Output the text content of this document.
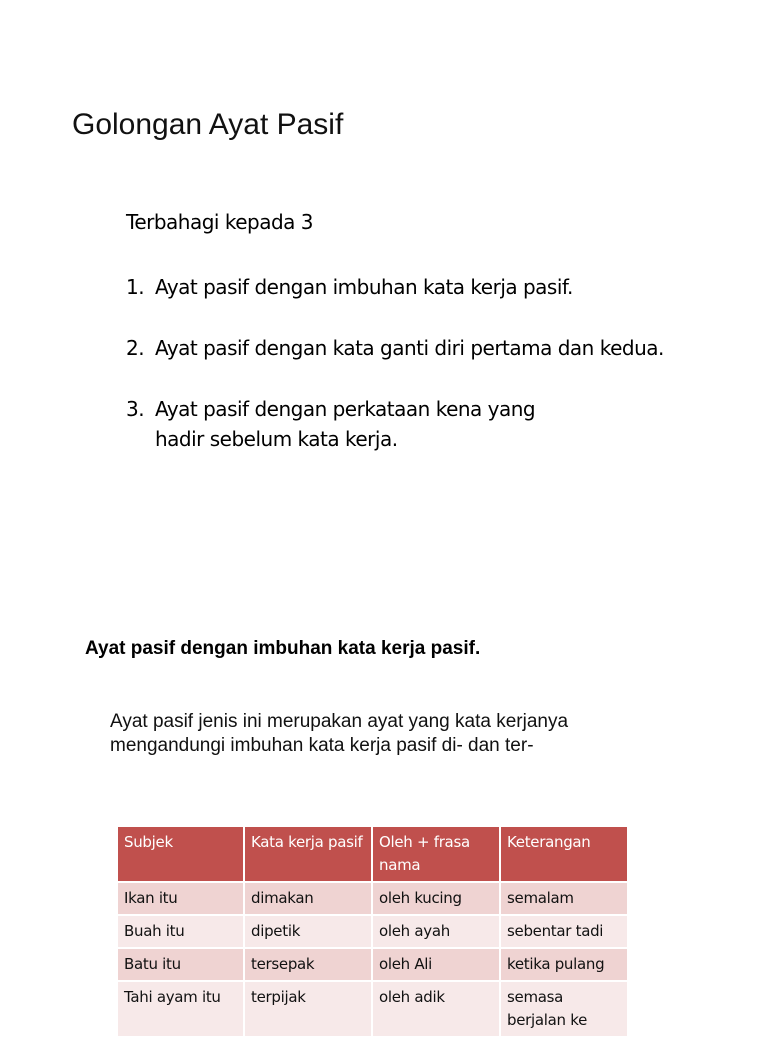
Golongan Ayat Pasif
Terbahagi kepada 3
1. Ayat pasif dengan imbuhan kata kerja pasif.
2. Ayat pasif dengan kata ganti diri pertama dan kedua.
3. Ayat pasif dengan perkataan kena yang hadir sebelum kata kerja.
Ayat pasif dengan imbuhan kata kerja pasif.
Ayat pasif jenis ini merupakan ayat yang kata kerjanya mengandungi imbuhan kata kerja pasif di- dan ter-
Subjek	Kata kerja pasif	Oleh + frasa nama	Keterangan
Ikan itu	dimakan	oleh kucing	semalam
Buah itu	dipetik	oleh ayah	sebentar tadi
Batu itu	tersepak	oleh Ali	ketika pulang
Tahi ayam itu	terpijak	oleh adik	semasa berjalan ke
